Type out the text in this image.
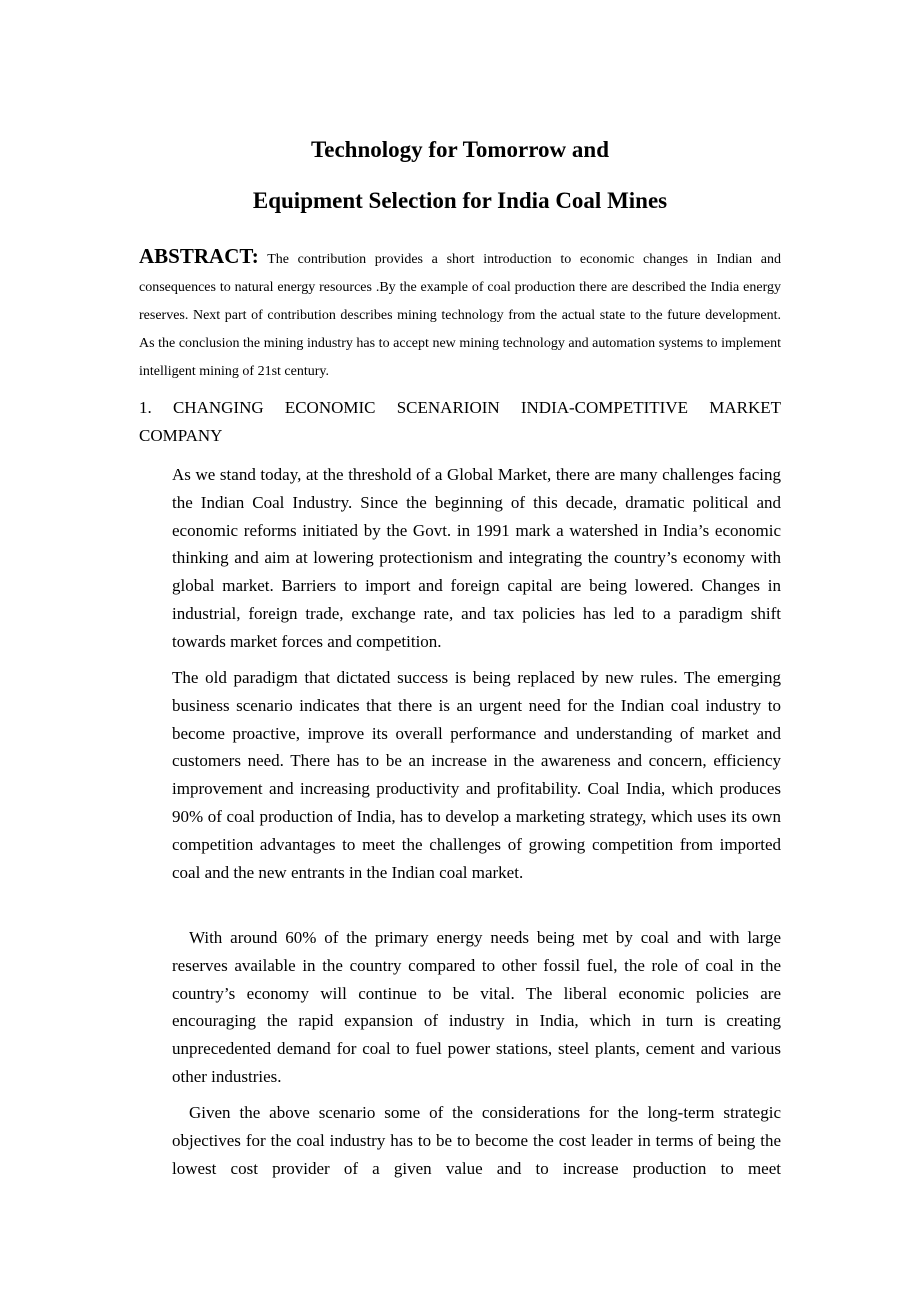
Technology for Tomorrow and
Equipment Selection for India Coal Mines

ABSTRACT: The contribution provides a short introduction to economic changes in Indian and consequences to natural energy resources .By the example of coal production there are described the India energy reserves. Next part of contribution describes mining technology from the actual state to the future development. As the conclusion the mining industry has to accept new mining technology and automation systems to implement intelligent mining of 21st century.

1. CHANGING ECONOMIC SCENARIOIN INDIA-COMPETITIVE MARKET COMPANY

As we stand today, at the threshold of a Global Market, there are many challenges facing the Indian Coal Industry. Since the beginning of this decade, dramatic political and economic reforms initiated by the Govt. in 1991 mark a watershed in India’s economic thinking and aim at lowering protectionism and integrating the country’s economy with global market. Barriers to import and foreign capital are being lowered. Changes in industrial, foreign trade, exchange rate, and tax policies has led to a paradigm shift towards market forces and competition.

The old paradigm that dictated success is being replaced by new rules. The emerging business scenario indicates that there is an urgent need for the Indian coal industry to become proactive, improve its overall performance and understanding of market and customers need. There has to be an increase in the awareness and concern, efficiency improvement and increasing productivity and profitability. Coal India, which produces 90% of coal production of India, has to develop a marketing strategy, which uses its own competition advantages to meet the challenges of growing competition from imported coal and the new entrants in the Indian coal market.

With around 60% of the primary energy needs being met by coal and with large reserves available in the country compared to other fossil fuel, the role of coal in the country’s economy will continue to be vital. The liberal economic policies are encouraging the rapid expansion of industry in India, which in turn is creating unprecedented demand for coal to fuel power stations, steel plants, cement and various other industries.

Given the above scenario some of the considerations for the long-term strategic objectives for the coal industry has to be to become the cost leader in terms of being the lowest cost provider of a given value and to increase production to meet
